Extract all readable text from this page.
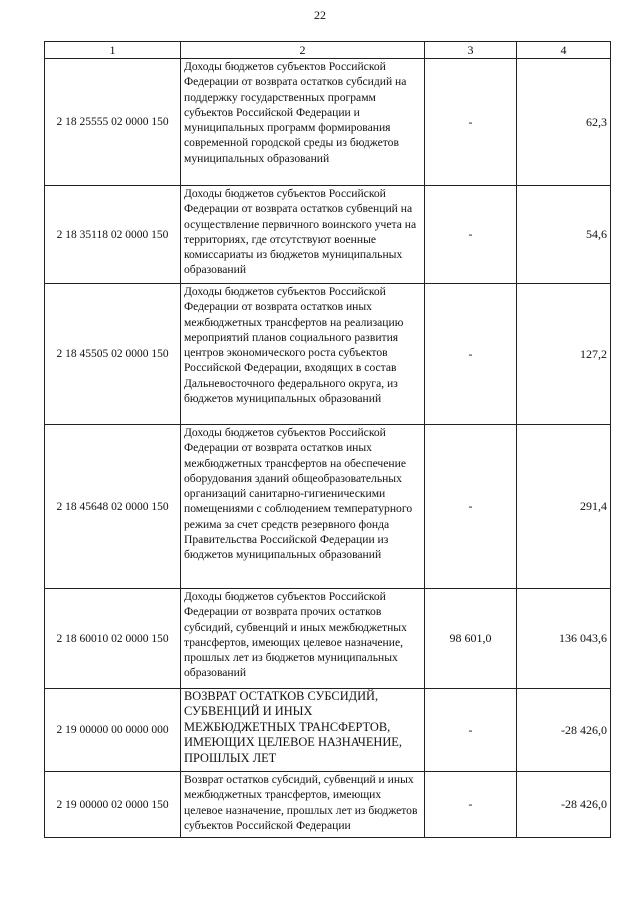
22
1	2	3	4
2 18 25555 02 0000 150	Доходы бюджетов субъектов Российской Федерации от возврата остатков субсидий на поддержку государственных программ субъектов Российской Федерации и муниципальных программ формирования современной городской среды из бюджетов муниципальных образований	-	62,3
2 18 35118 02 0000 150	Доходы бюджетов субъектов Российской Федерации от возврата остатков субвенций на осуществление первичного воинского учета на территориях, где отсутствуют военные комиссариаты из бюджетов муниципальных образований	-	54,6
2 18 45505 02 0000 150	Доходы бюджетов субъектов Российской Федерации от возврата остатков иных межбюджетных трансфертов на реализацию мероприятий планов социального развития центров экономического роста субъектов Российской Федерации, входящих в состав Дальневосточного федерального округа, из бюджетов муниципальных образований	-	127,2
2 18 45648 02 0000 150	Доходы бюджетов субъектов Российской Федерации от возврата остатков иных межбюджетных трансфертов на обеспечение оборудования зданий общеобразовательных организаций санитарно-гигиеническими помещениями с соблюдением температурного режима за счет средств резервного фонда Правительства Российской Федерации из бюджетов муниципальных образований	-	291,4
2 18 60010 02 0000 150	Доходы бюджетов субъектов Российской Федерации от возврата прочих остатков субсидий, субвенций и иных межбюджетных трансфертов, имеющих целевое назначение, прошлых лет из бюджетов муниципальных образований	98 601,0	136 043,6
2 19 00000 00 0000 000	ВОЗВРАТ ОСТАТКОВ СУБСИДИЙ, СУБВЕНЦИЙ И ИНЫХ МЕЖБЮДЖЕТНЫХ ТРАНСФЕРТОВ, ИМЕЮЩИХ ЦЕЛЕВОЕ НАЗНАЧЕНИЕ, ПРОШЛЫХ ЛЕТ	-	-28 426,0
2 19 00000 02 0000 150	Возврат остатков субсидий, субвенций и иных межбюджетных трансфертов, имеющих целевое назначение, прошлых лет из бюджетов субъектов Российской Федерации	-	-28 426,0
